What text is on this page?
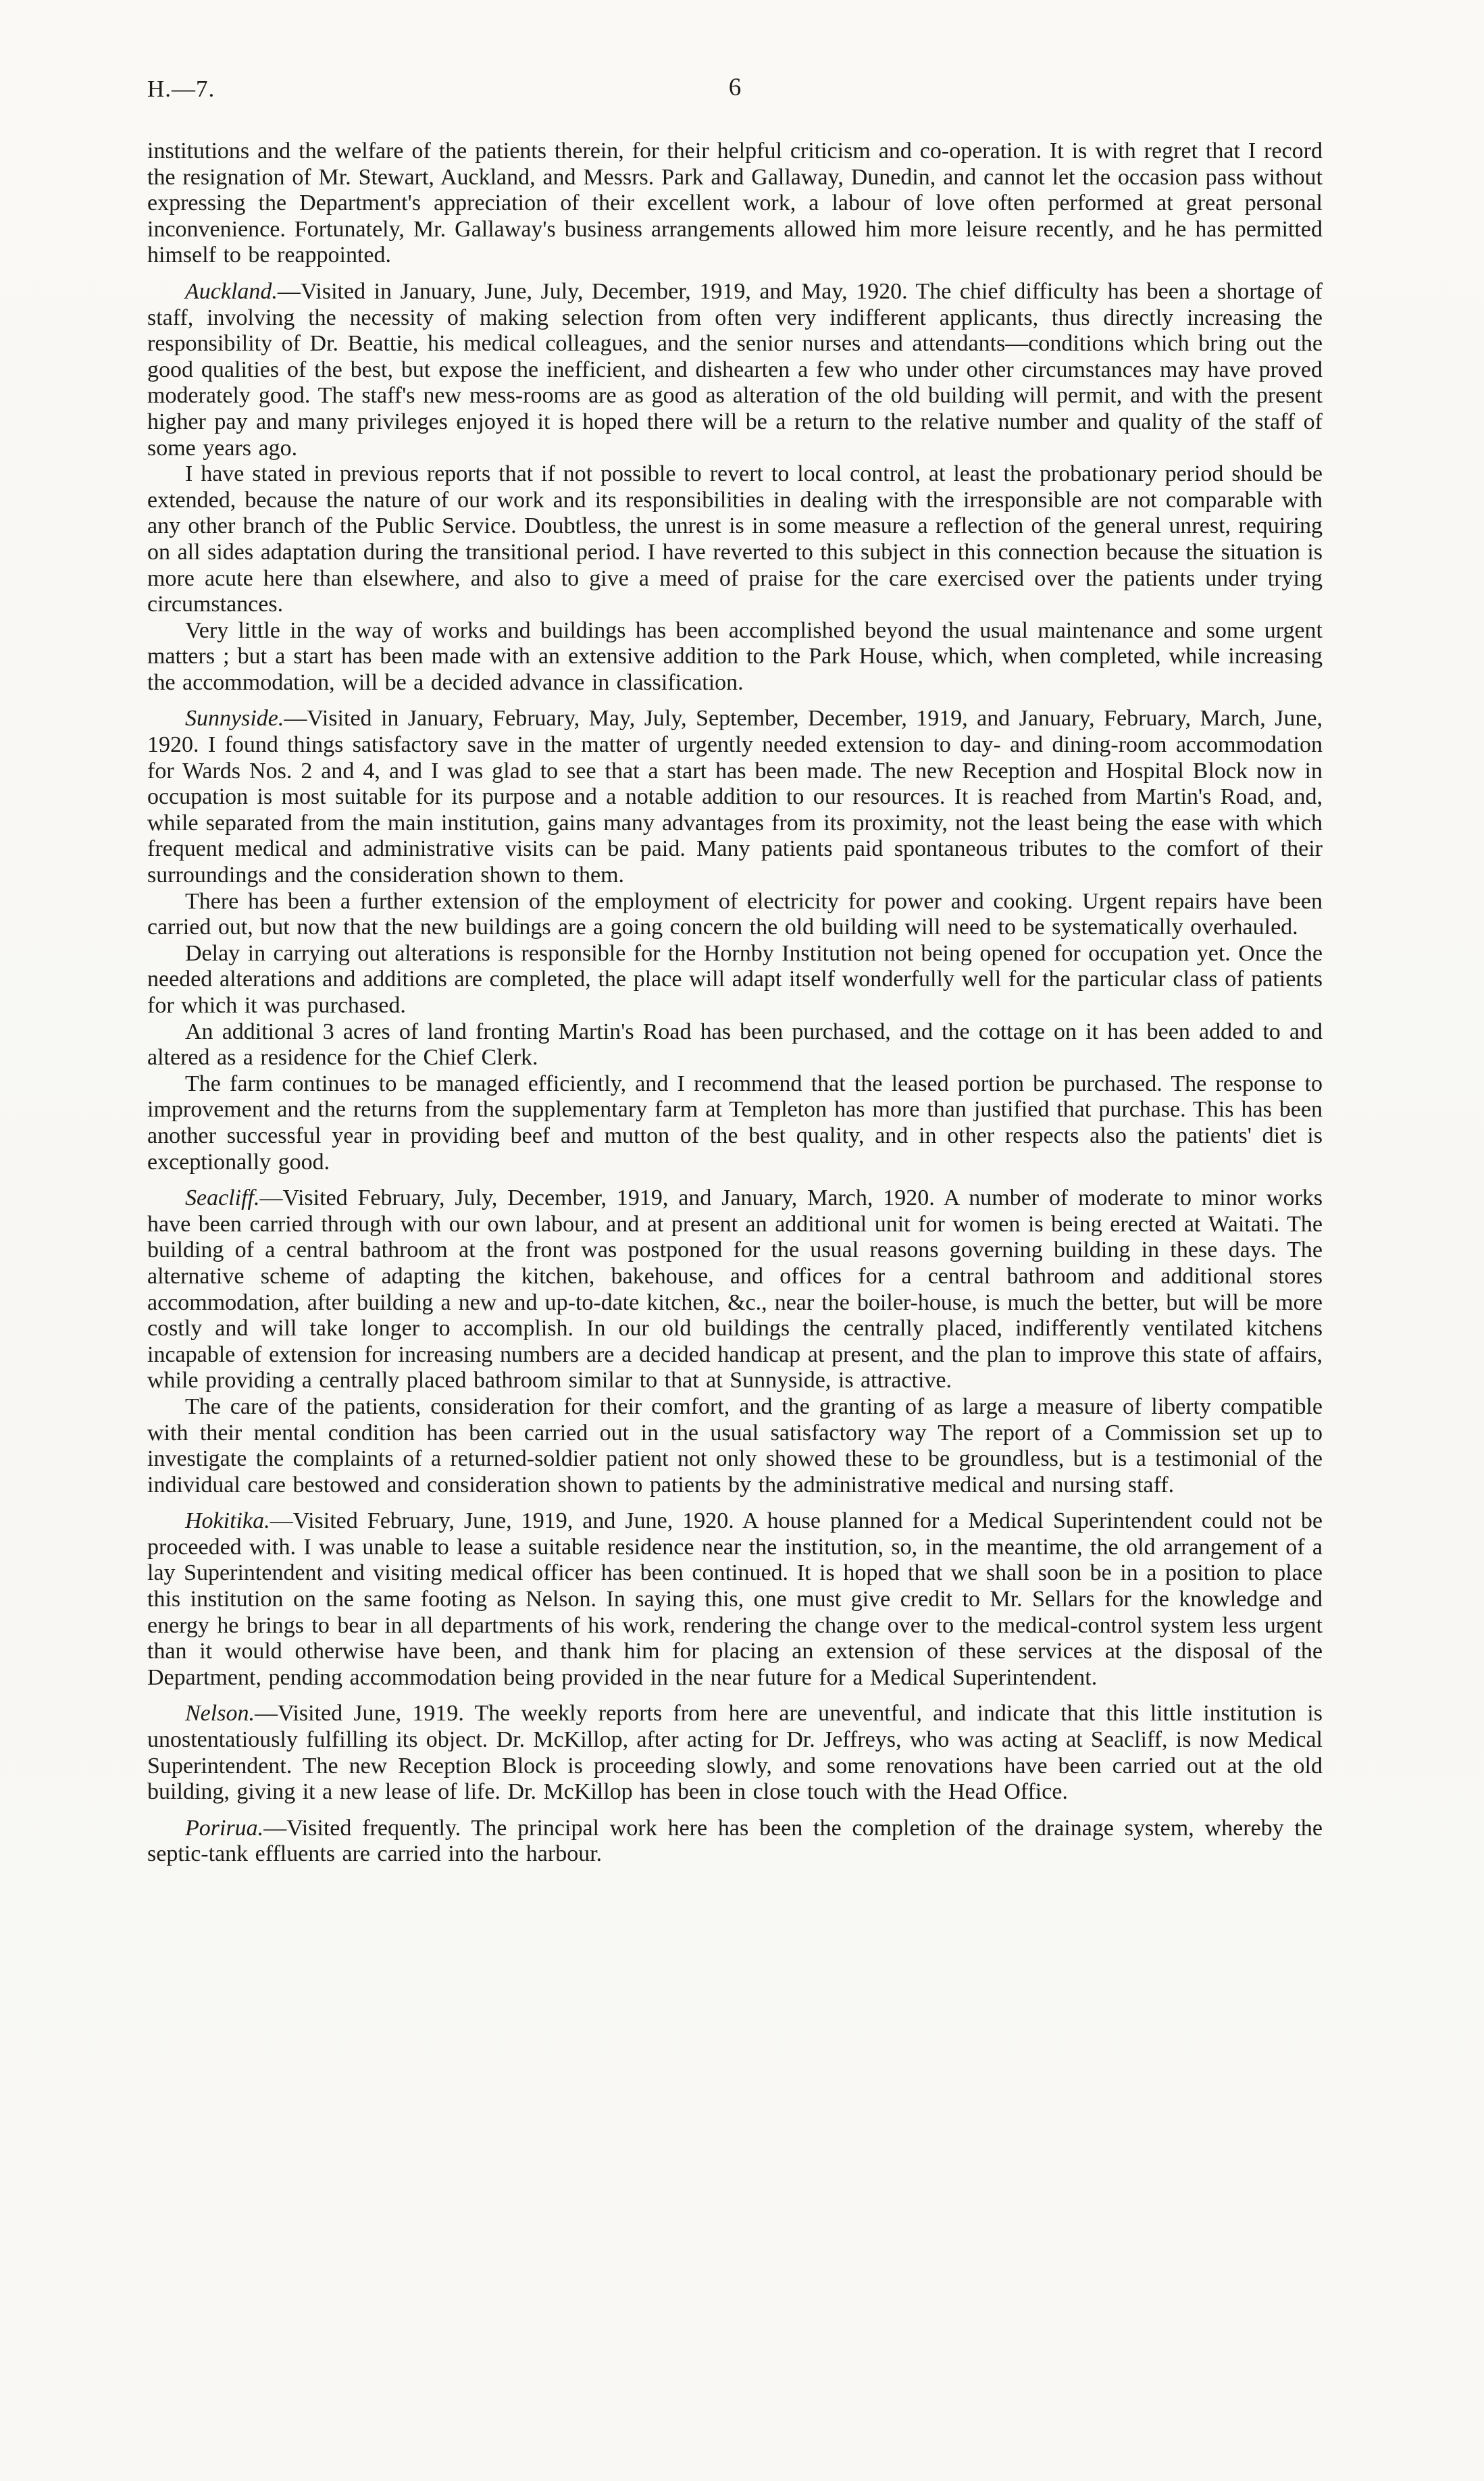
H.—7.	6

institutions and the welfare of the patients therein, for their helpful criticism and co-operation. It is with regret that I record the resignation of Mr. Stewart, Auckland, and Messrs. Park and Gallaway, Dunedin, and cannot let the occasion pass without expressing the Department's appreciation of their excellent work, a labour of love often performed at great personal inconvenience. Fortunately, Mr. Gallaway's business arrangements allowed him more leisure recently, and he has permitted himself to be reappointed.

Auckland.—Visited in January, June, July, December, 1919, and May, 1920. The chief difficulty has been a shortage of staff, involving the necessity of making selection from often very indifferent applicants, thus directly increasing the responsibility of Dr. Beattie, his medical colleagues, and the senior nurses and attendants—conditions which bring out the good qualities of the best, but expose the inefficient, and dishearten a few who under other circumstances may have proved moderately good. The staff's new mess-rooms are as good as alteration of the old building will permit, and with the present higher pay and many privileges enjoyed it is hoped there will be a return to the relative number and quality of the staff of some years ago.

I have stated in previous reports that if not possible to revert to local control, at least the probationary period should be extended, because the nature of our work and its responsibilities in dealing with the irresponsible are not comparable with any other branch of the Public Service. Doubtless, the unrest is in some measure a reflection of the general unrest, requiring on all sides adaptation during the transitional period. I have reverted to this subject in this connection because the situation is more acute here than elsewhere, and also to give a meed of praise for the care exercised over the patients under trying circumstances.

Very little in the way of works and buildings has been accomplished beyond the usual maintenance and some urgent matters ; but a start has been made with an extensive addition to the Park House, which, when completed, while increasing the accommodation, will be a decided advance in classification.

Sunnyside.—Visited in January, February, May, July, September, December, 1919, and January, February, March, June, 1920. I found things satisfactory save in the matter of urgently needed extension to day- and dining-room accommodation for Wards Nos. 2 and 4, and I was glad to see that a start has been made. The new Reception and Hospital Block now in occupation is most suitable for its purpose and a notable addition to our resources. It is reached from Martin's Road, and, while separated from the main institution, gains many advantages from its proximity, not the least being the ease with which frequent medical and administrative visits can be paid. Many patients paid spontaneous tributes to the comfort of their surroundings and the consideration shown to them.

There has been a further extension of the employment of electricity for power and cooking. Urgent repairs have been carried out, but now that the new buildings are a going concern the old building will need to be systematically overhauled.

Delay in carrying out alterations is responsible for the Hornby Institution not being opened for occupation yet. Once the needed alterations and additions are completed, the place will adapt itself wonderfully well for the particular class of patients for which it was purchased.

An additional 3 acres of land fronting Martin's Road has been purchased, and the cottage on it has been added to and altered as a residence for the Chief Clerk.

The farm continues to be managed efficiently, and I recommend that the leased portion be purchased. The response to improvement and the returns from the supplementary farm at Templeton has more than justified that purchase. This has been another successful year in providing beef and mutton of the best quality, and in other respects also the patients' diet is exceptionally good.

Seacliff.—Visited February, July, December, 1919, and January, March, 1920. A number of moderate to minor works have been carried through with our own labour, and at present an additional unit for women is being erected at Waitati. The building of a central bathroom at the front was postponed for the usual reasons governing building in these days. The alternative scheme of adapting the kitchen, bakehouse, and offices for a central bathroom and additional stores accommodation, after building a new and up-to-date kitchen, &c., near the boiler-house, is much the better, but will be more costly and will take longer to accomplish. In our old buildings the centrally placed, indifferently ventilated kitchens incapable of extension for increasing numbers are a decided handicap at present, and the plan to improve this state of affairs, while providing a centrally placed bathroom similar to that at Sunnyside, is attractive.

The care of the patients, consideration for their comfort, and the granting of as large a measure of liberty compatible with their mental condition has been carried out in the usual satisfactory way The report of a Commission set up to investigate the complaints of a returned-soldier patient not only showed these to be groundless, but is a testimonial of the individual care bestowed and consideration shown to patients by the administrative medical and nursing staff.

Hokitika.—Visited February, June, 1919, and June, 1920. A house planned for a Medical Superintendent could not be proceeded with. I was unable to lease a suitable residence near the institution, so, in the meantime, the old arrangement of a lay Superintendent and visiting medical officer has been continued. It is hoped that we shall soon be in a position to place this institution on the same footing as Nelson. In saying this, one must give credit to Mr. Sellars for the knowledge and energy he brings to bear in all departments of his work, rendering the change over to the medical-control system less urgent than it would otherwise have been, and thank him for placing an extension of these services at the disposal of the Department, pending accommodation being provided in the near future for a Medical Superintendent.

Nelson.—Visited June, 1919. The weekly reports from here are uneventful, and indicate that this little institution is unostentatiously fulfilling its object. Dr. McKillop, after acting for Dr. Jeffreys, who was acting at Seacliff, is now Medical Superintendent. The new Reception Block is proceeding slowly, and some renovations have been carried out at the old building, giving it a new lease of life. Dr. McKillop has been in close touch with the Head Office.

Porirua.—Visited frequently. The principal work here has been the completion of the drainage system, whereby the septic-tank effluents are carried into the harbour.
